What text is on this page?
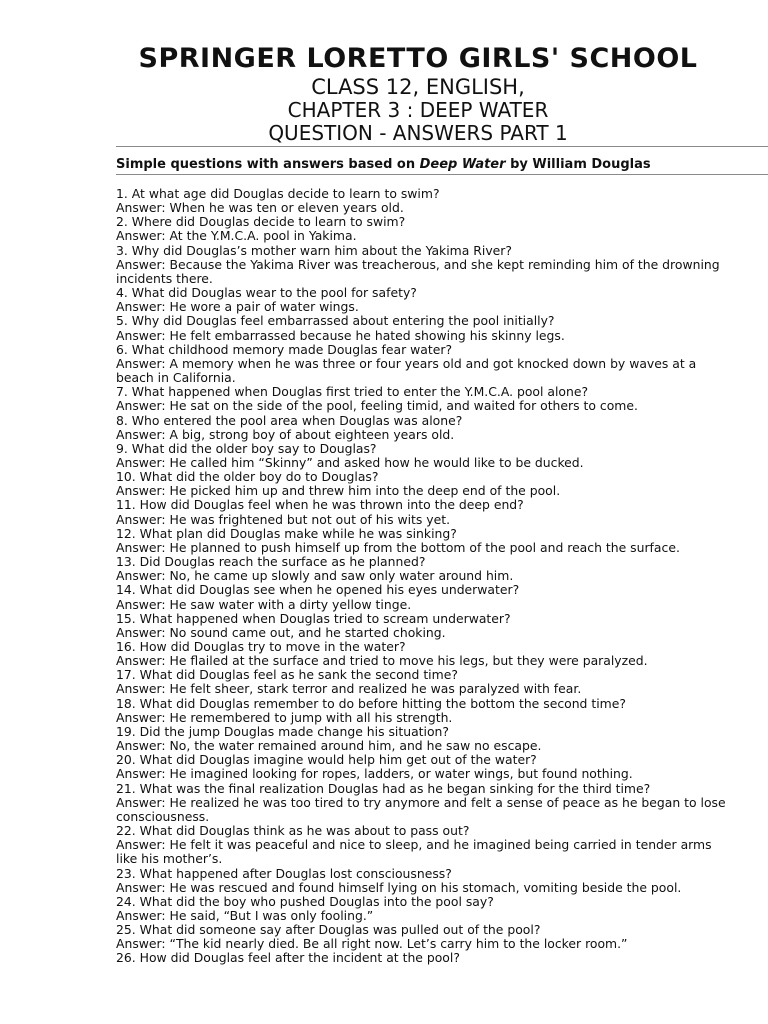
SPRINGER LORETTO GIRLS' SCHOOL
CLASS 12, ENGLISH,
CHAPTER 3 : DEEP WATER
QUESTION - ANSWERS PART 1
Simple questions with answers based on Deep Water by William Douglas

1. At what age did Douglas decide to learn to swim?

Answer: When he was ten or eleven years old.

2. Where did Douglas decide to learn to swim?

Answer: At the Y.M.C.A. pool in Yakima.

3. Why did Douglas’s mother warn him about the Yakima River?

Answer: Because the Yakima River was treacherous, and she kept reminding him of the drowning incidents there.

4. What did Douglas wear to the pool for safety?

Answer: He wore a pair of water wings.

5. Why did Douglas feel embarrassed about entering the pool initially?

Answer: He felt embarrassed because he hated showing his skinny legs.

6. What childhood memory made Douglas fear water?

Answer: A memory when he was three or four years old and got knocked down by waves at a beach in California.

7. What happened when Douglas first tried to enter the Y.M.C.A. pool alone?

Answer: He sat on the side of the pool, feeling timid, and waited for others to come.

8. Who entered the pool area when Douglas was alone?

Answer: A big, strong boy of about eighteen years old.

9. What did the older boy say to Douglas?

Answer: He called him “Skinny” and asked how he would like to be ducked.

10. What did the older boy do to Douglas?

Answer: He picked him up and threw him into the deep end of the pool.

11. How did Douglas feel when he was thrown into the deep end?

Answer: He was frightened but not out of his wits yet.

12. What plan did Douglas make while he was sinking?

Answer: He planned to push himself up from the bottom of the pool and reach the surface.

13. Did Douglas reach the surface as he planned?

Answer: No, he came up slowly and saw only water around him.

14. What did Douglas see when he opened his eyes underwater?

Answer: He saw water with a dirty yellow tinge.

15. What happened when Douglas tried to scream underwater?

Answer: No sound came out, and he started choking.

16. How did Douglas try to move in the water?

Answer: He flailed at the surface and tried to move his legs, but they were paralyzed.

17. What did Douglas feel as he sank the second time?

Answer: He felt sheer, stark terror and realized he was paralyzed with fear.

18. What did Douglas remember to do before hitting the bottom the second time?

Answer: He remembered to jump with all his strength.

19. Did the jump Douglas made change his situation?

Answer: No, the water remained around him, and he saw no escape.

20. What did Douglas imagine would help him get out of the water?

Answer: He imagined looking for ropes, ladders, or water wings, but found nothing.

21. What was the final realization Douglas had as he began sinking for the third time?

Answer: He realized he was too tired to try anymore and felt a sense of peace as he began to lose consciousness.

22. What did Douglas think as he was about to pass out?

Answer: He felt it was peaceful and nice to sleep, and he imagined being carried in tender arms like his mother’s.

23. What happened after Douglas lost consciousness?

Answer: He was rescued and found himself lying on his stomach, vomiting beside the pool.

24. What did the boy who pushed Douglas into the pool say?

Answer: He said, “But I was only fooling.”

25. What did someone say after Douglas was pulled out of the pool?

Answer: “The kid nearly died. Be all right now. Let’s carry him to the locker room.”

26. How did Douglas feel after the incident at the pool?
